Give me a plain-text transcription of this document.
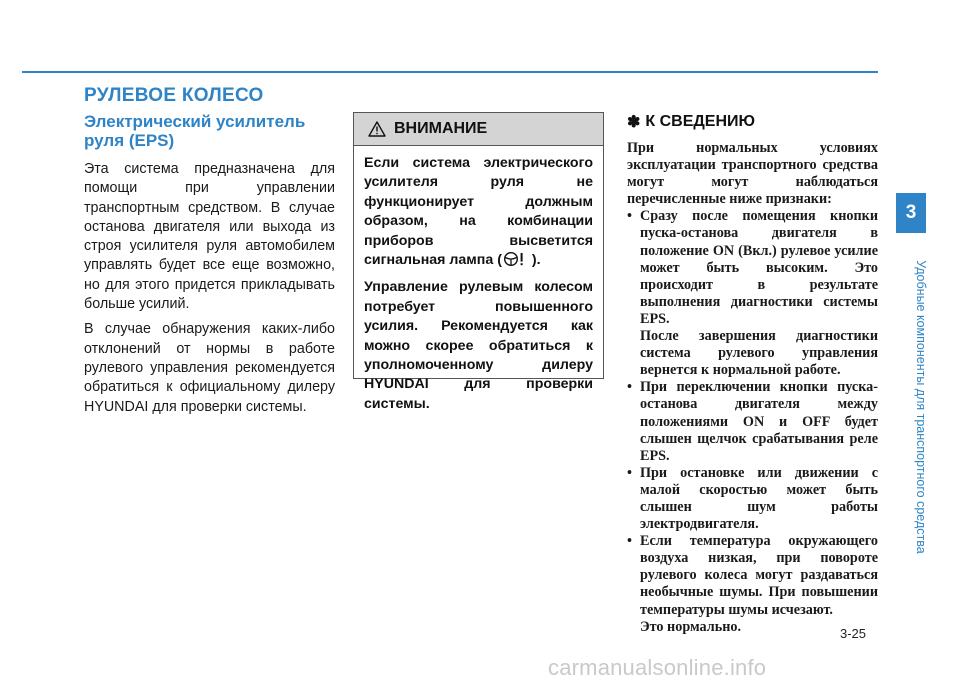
РУЛЕВОЕ КОЛЕСО
Электрический усилитель руля (EPS)

Эта система предназначена для помощи при управлении транспортным средством. В случае останова двигателя или выхода из строя усилителя руля автомобилем управлять будет все еще возможно, но для этого придется прикладывать больше усилий.

В случае обнаружения каких-либо отклонений от нормы в работе рулевого управления рекомендуется обратиться к официальному дилеру HYUNDAI для проверки системы.

ВНИМАНИЕ

Если система электрического усилителя руля не функционирует должным образом, на комбинации приборов высветится сигнальная лампа ( ).

Управление рулевым колесом потребует повышенного усилия. Рекомендуется как можно скорее обратиться к уполномоченному дилеру HYUNDAI для проверки системы.

✽ К СВЕДЕНИЮ

При нормальных условиях эксплуатации транспортного средства могут могут наблюдаться перечисленные ниже признаки:

• Сразу после помещения кнопки пуска-останова двигателя в положение ON (Вкл.) рулевое усилие может быть высоким. Это происходит в результате выполнения диагностики системы EPS.
После завершения диагностики система рулевого управления вернется к нормальной работе.
• При переключении кнопки пуска-останова двигателя между положениями ON и OFF будет слышен щелчок срабатывания реле EPS.
• При остановке или движении с малой скоростью может быть слышен шум работы электродвигателя.
• Если температура окружающего воздуха низкая, при повороте рулевого колеса могут раздаваться необычные шумы. При повышении температуры шумы исчезают.
Это нормально.
3
Удобные компоненты для транспортного средства
3-25
carmanualsonline.info
